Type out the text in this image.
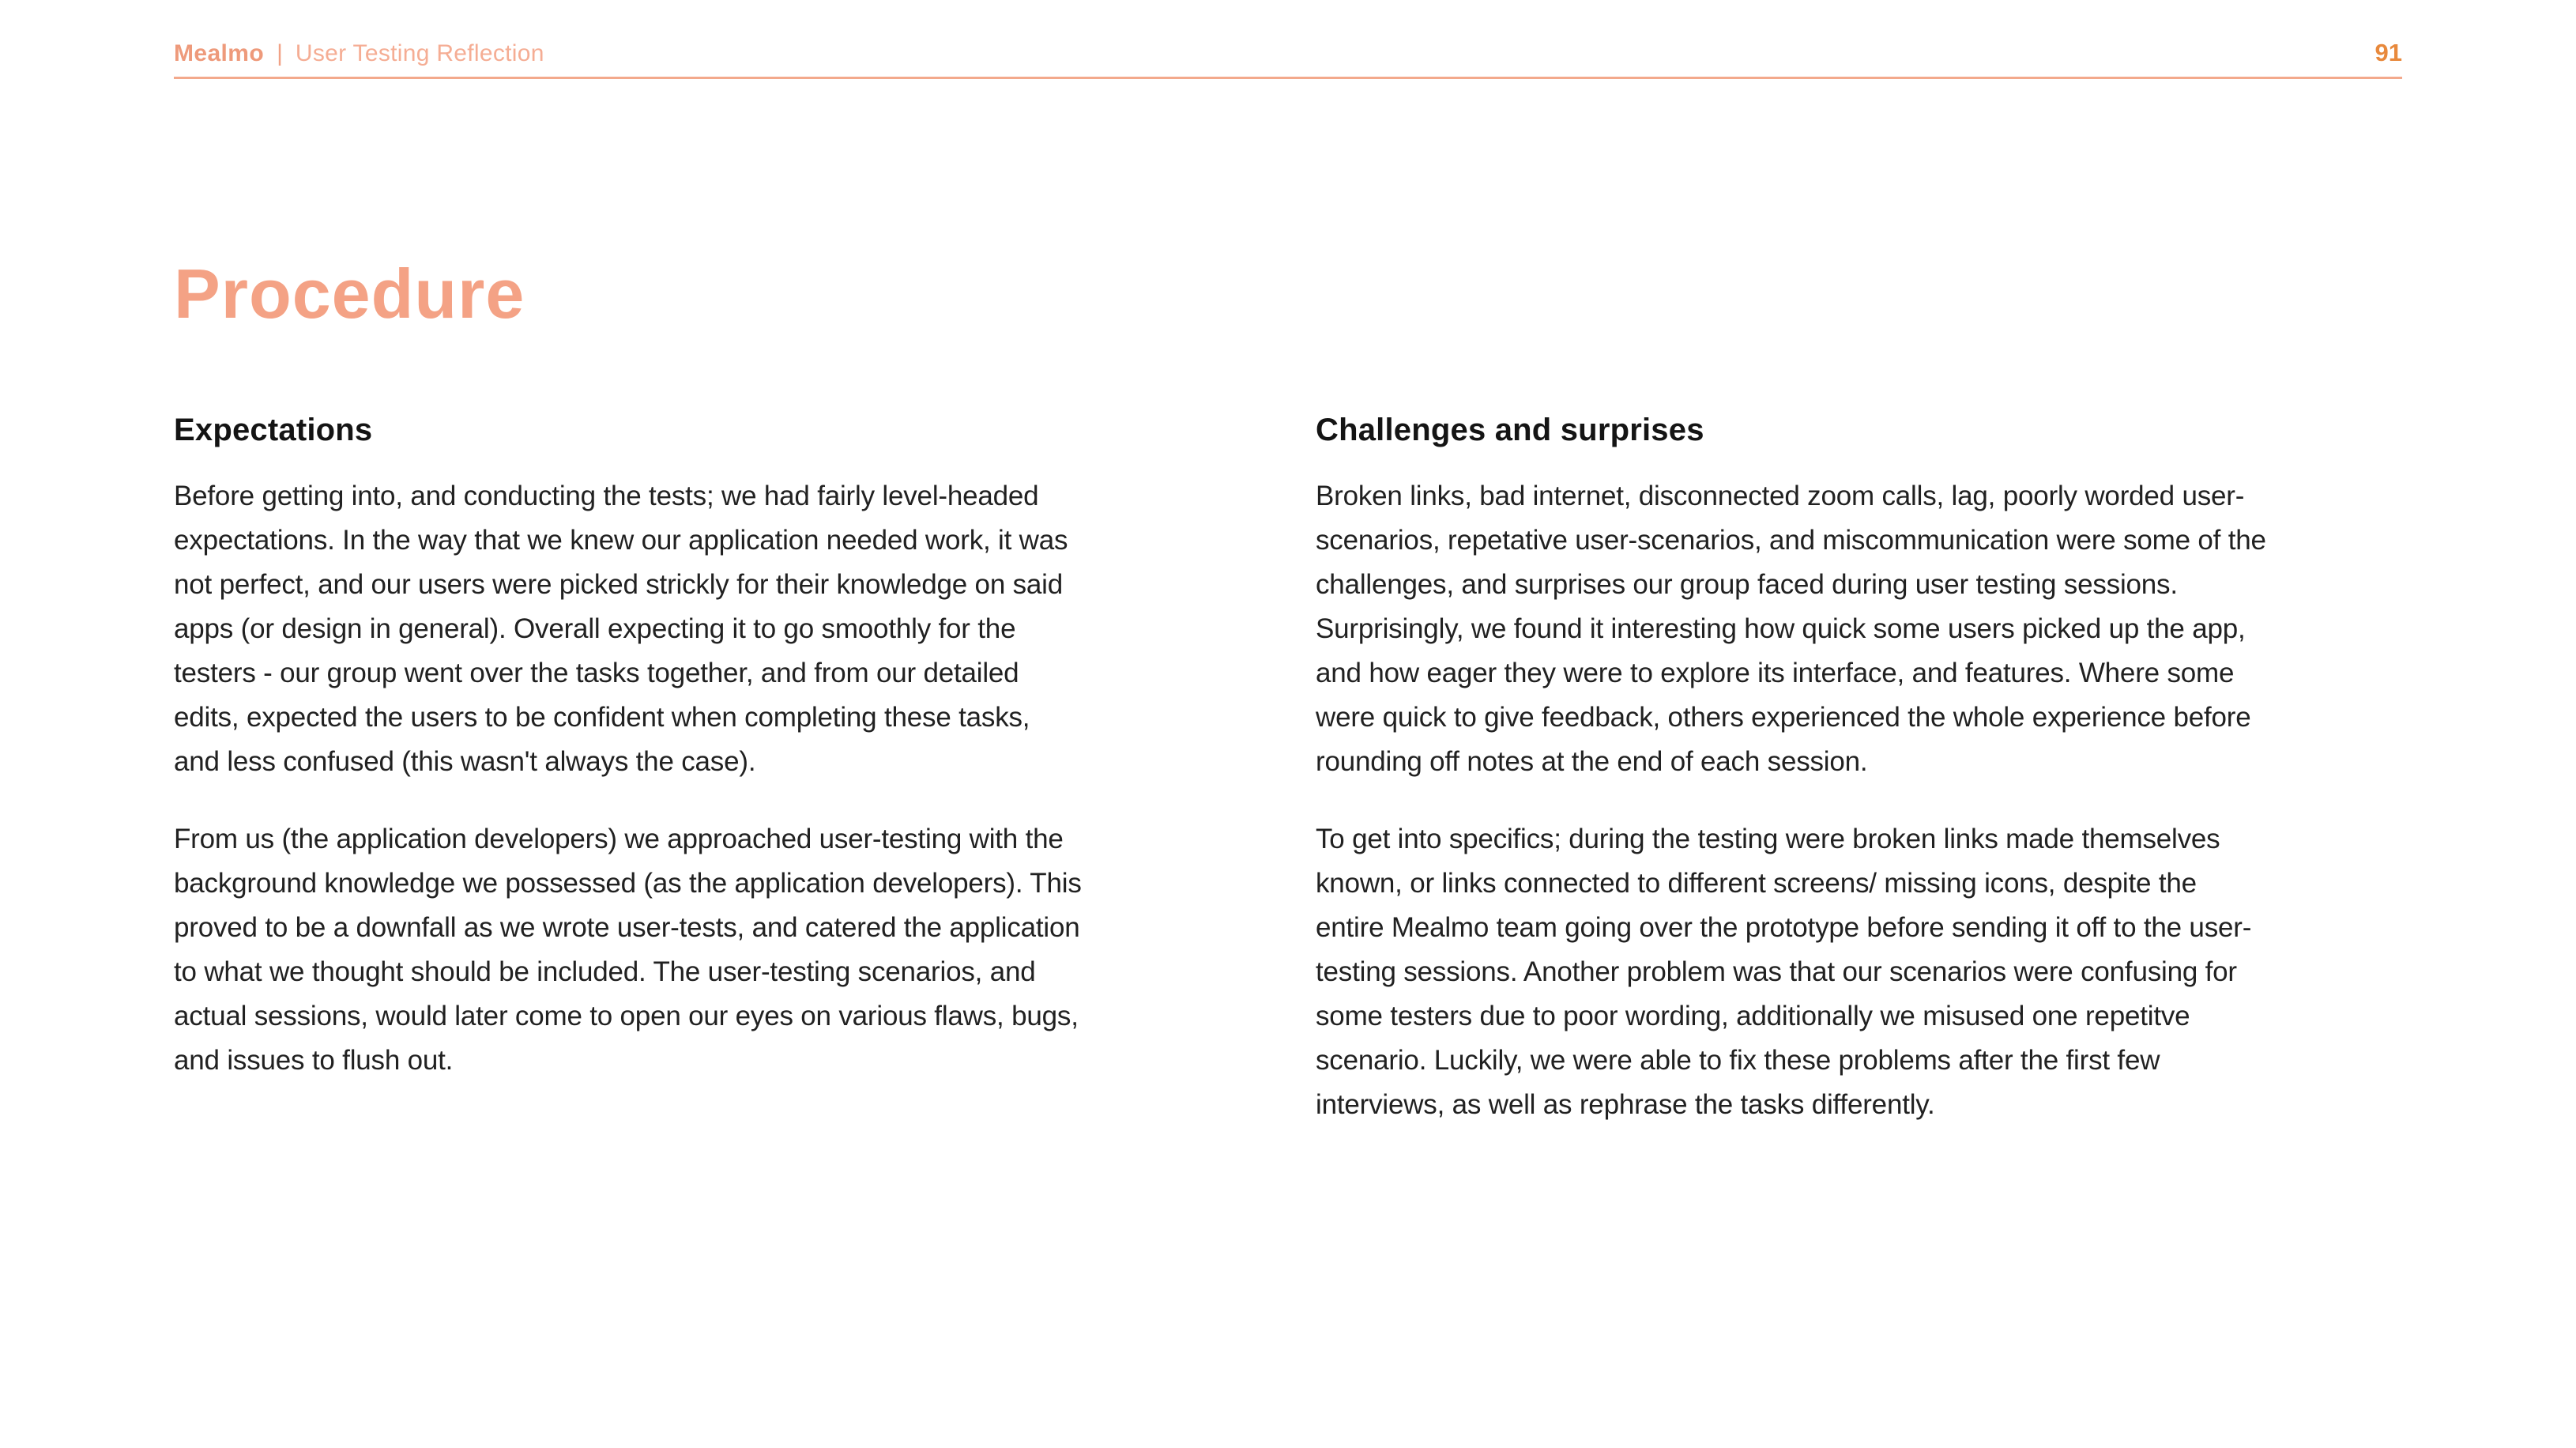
Mealmo | User Testing Reflection	91
Procedure
Expectations

Before getting into, and conducting the tests; we had fairly level-headed expectations. In the way that we knew our application needed work, it was not perfect, and our users were picked strickly for their knowledge on said apps (or design in general). Overall expecting it to go smoothly for the testers - our group went over the tasks together, and from our detailed edits, expected the users to be confident when completing these tasks, and less confused (this wasn't always the case).

From us (the application developers) we approached user-testing with the background knowledge we possessed (as the application developers). This proved to be a downfall as we wrote user-tests, and catered the application to what we thought should be included. The user-testing scenarios, and actual sessions, would later come to open our eyes on various flaws, bugs, and issues to flush out.

Challenges and surprises

Broken links, bad internet, disconnected zoom calls, lag, poorly worded user-scenarios, repetative user-scenarios, and miscommunication were some of the challenges, and surprises our group faced during user testing sessions. Surprisingly, we found it interesting how quick some users picked up the app, and how eager they were to explore its interface, and features. Where some were quick to give feedback, others experienced the whole experience before rounding off notes at the end of each session.

To get into specifics; during the testing were broken links made themselves known, or links connected to different screens/ missing icons, despite the entire Mealmo team going over the prototype before sending it off to the user-testing sessions. Another problem was that our scenarios were confusing for some testers due to poor wording, additionally we misused one repetitve scenario. Luckily, we were able to fix these problems after the first few interviews, as well as rephrase the tasks differently.
